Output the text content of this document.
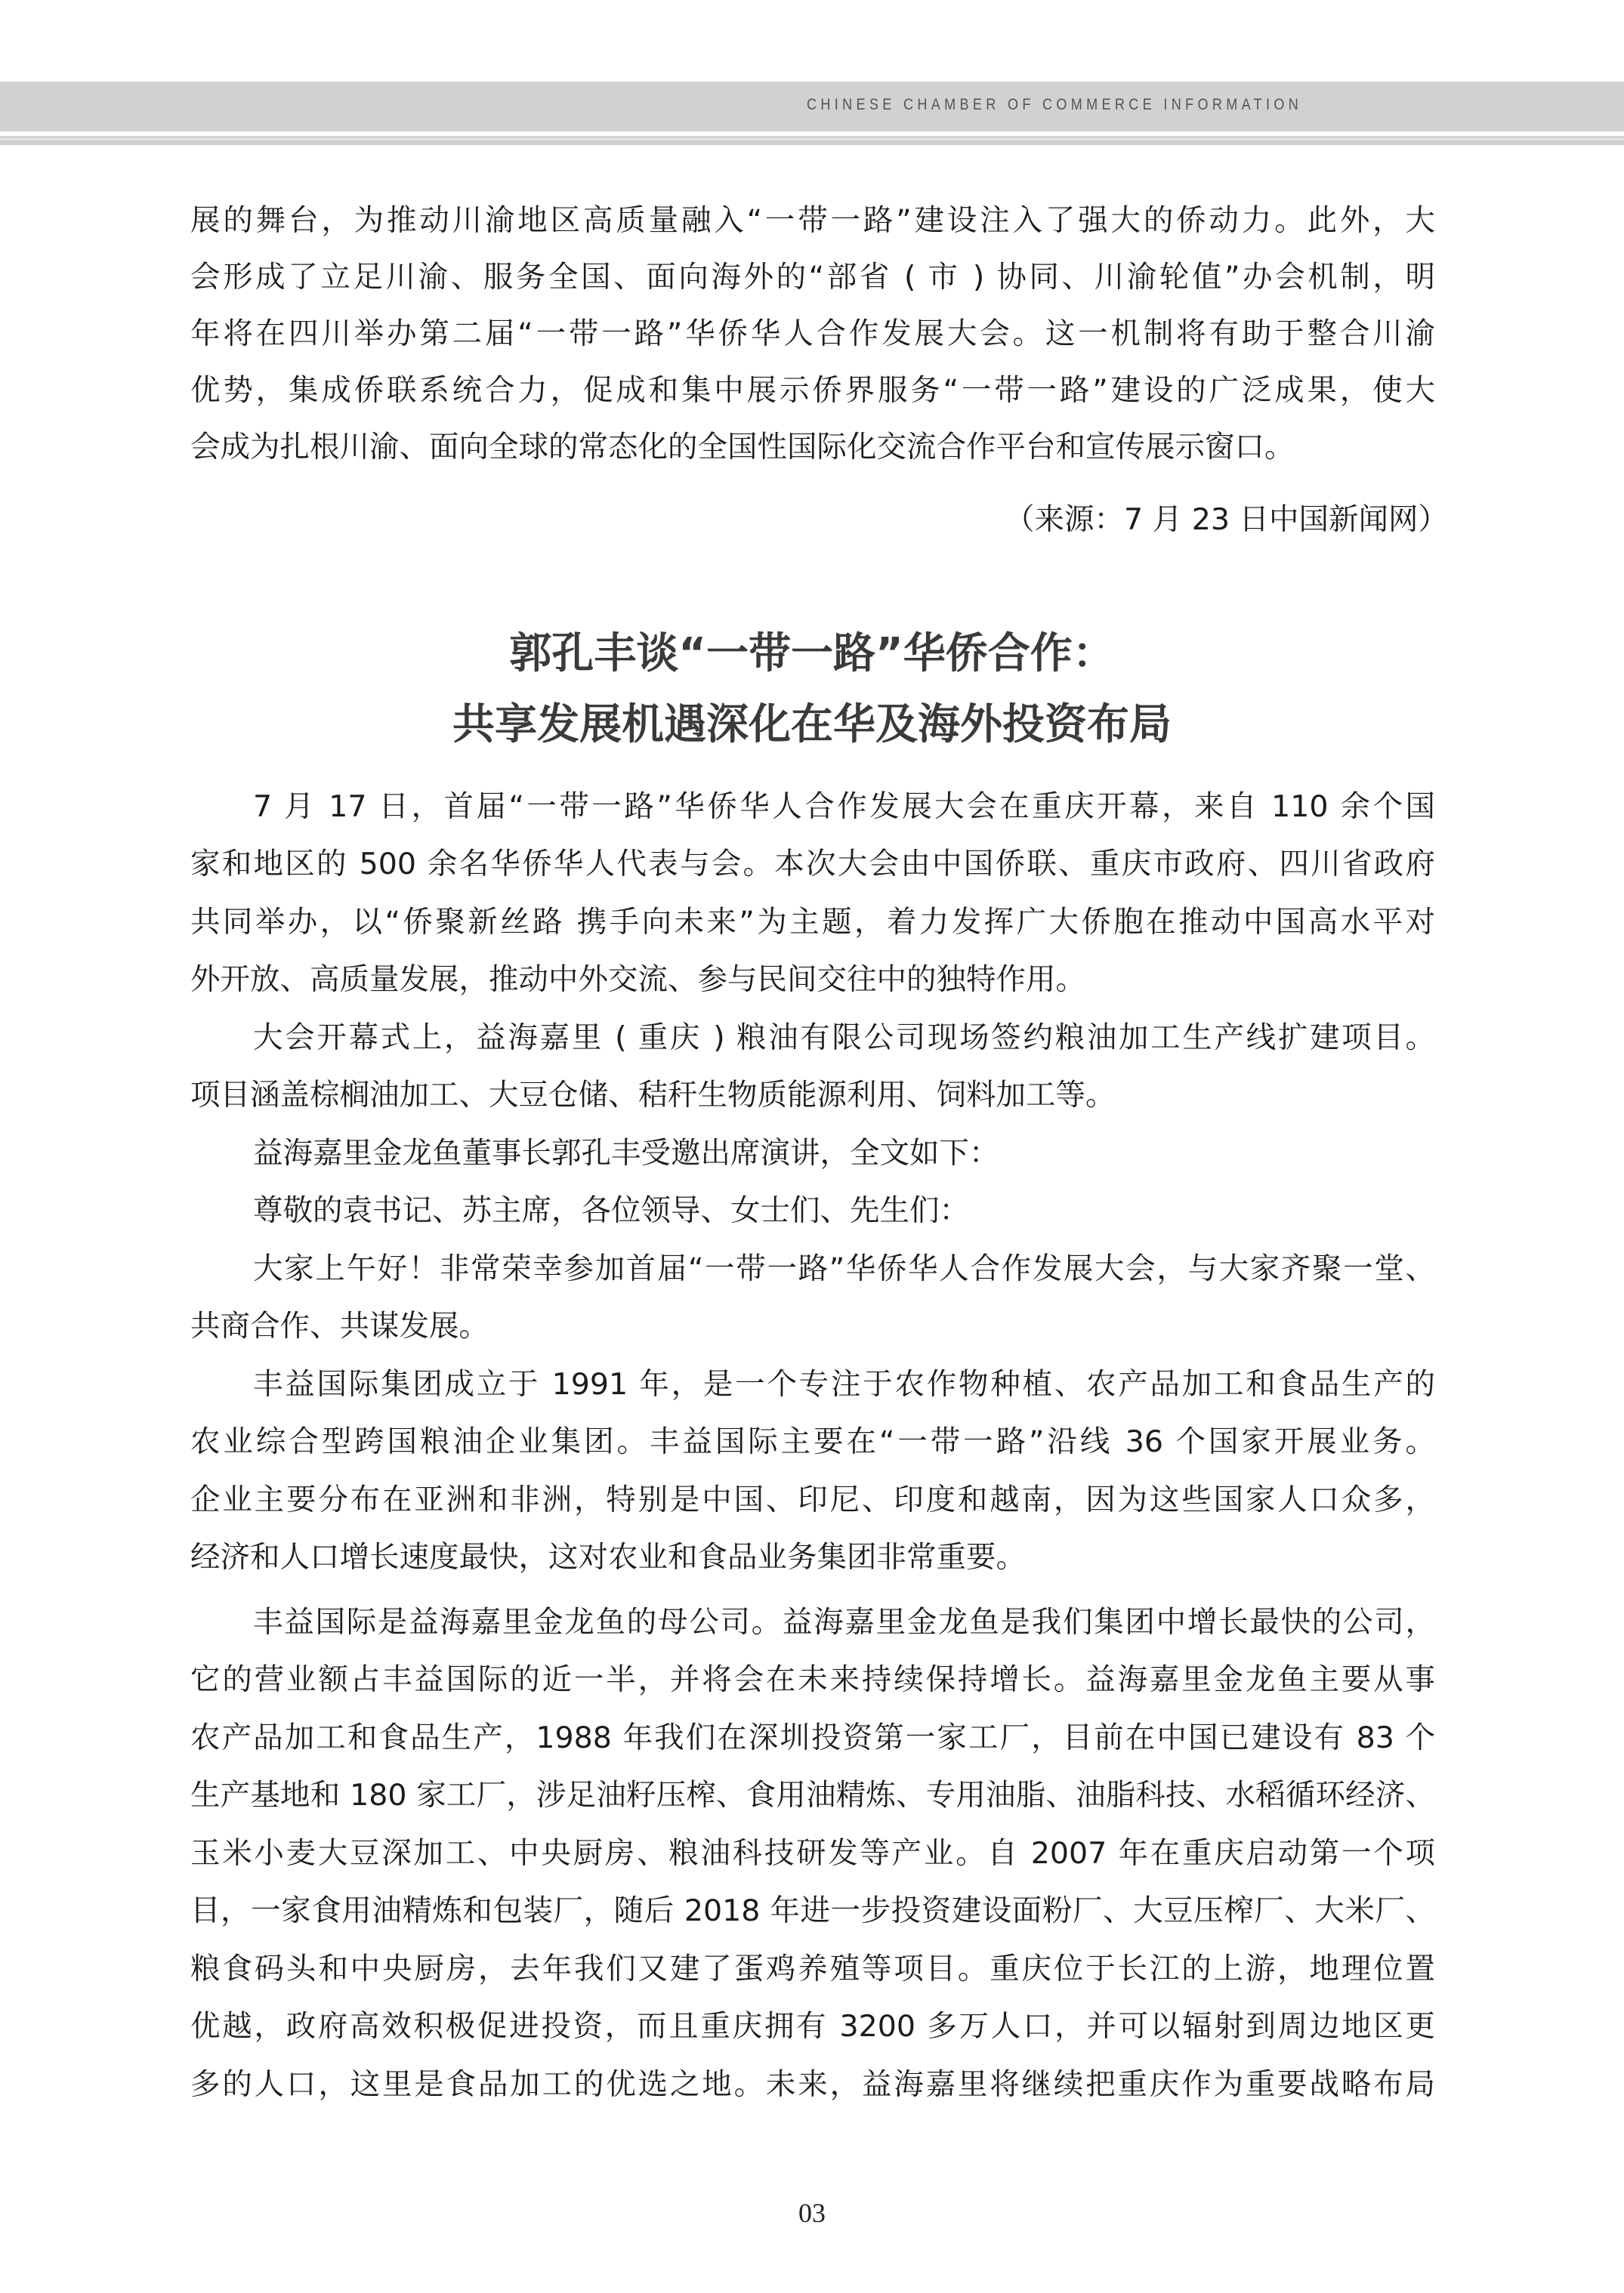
CHINESE CHAMBER OF COMMERCE INFORMATION
展的舞台，为推动川渝地区高质量融入“一带一路”建设注入了强大的侨动力。此外，大
会形成了立足川渝、服务全国、面向海外的“部省 ( 市 ) 协同、川渝轮值”办会机制，明
年将在四川举办第二届“一带一路”华侨华人合作发展大会。这一机制将有助于整合川渝
优势，集成侨联系统合力，促成和集中展示侨界服务“一带一路”建设的广泛成果，使大
会成为扎根川渝、面向全球的常态化的全国性国际化交流合作平台和宣传展示窗口。
（来源：7 月 23 日中国新闻网）
郭孔丰谈“一带一路”华侨合作：
共享发展机遇深化在华及海外投资布局
7 月 17 日，首届“一带一路”华侨华人合作发展大会在重庆开幕，来自 110 余个国
家和地区的 500 余名华侨华人代表与会。本次大会由中国侨联、重庆市政府、四川省政府
共同举办，以“侨聚新丝路 携手向未来”为主题，着力发挥广大侨胞在推动中国高水平对
外开放、高质量发展，推动中外交流、参与民间交往中的独特作用。
大会开幕式上，益海嘉里 ( 重庆 ) 粮油有限公司现场签约粮油加工生产线扩建项目。
项目涵盖棕榈油加工、大豆仓储、秸秆生物质能源利用、饲料加工等。
益海嘉里金龙鱼董事长郭孔丰受邀出席演讲，全文如下：
尊敬的袁书记、苏主席，各位领导、女士们、先生们：
大家上午好！非常荣幸参加首届“一带一路”华侨华人合作发展大会，与大家齐聚一堂、
共商合作、共谋发展。
丰益国际集团成立于 1991 年，是一个专注于农作物种植、农产品加工和食品生产的
农业综合型跨国粮油企业集团。丰益国际主要在“一带一路”沿线 36 个国家开展业务。
企业主要分布在亚洲和非洲，特别是中国、印尼、印度和越南，因为这些国家人口众多，
经济和人口增长速度最快，这对农业和食品业务集团非常重要。
丰益国际是益海嘉里金龙鱼的母公司。益海嘉里金龙鱼是我们集团中增长最快的公司，
它的营业额占丰益国际的近一半，并将会在未来持续保持增长。益海嘉里金龙鱼主要从事
农产品加工和食品生产，1988 年我们在深圳投资第一家工厂，目前在中国已建设有 83 个
生产基地和 180 家工厂，涉足油籽压榨、食用油精炼、专用油脂、油脂科技、水稻循环经济、
玉米小麦大豆深加工、中央厨房、粮油科技研发等产业。自 2007 年在重庆启动第一个项
目，一家食用油精炼和包装厂，随后 2018 年进一步投资建设面粉厂、大豆压榨厂、大米厂、
粮食码头和中央厨房，去年我们又建了蛋鸡养殖等项目。重庆位于长江的上游，地理位置
优越，政府高效积极促进投资，而且重庆拥有 3200 多万人口，并可以辐射到周边地区更
多的人口，这里是食品加工的优选之地。未来，益海嘉里将继续把重庆作为重要战略布局
03
